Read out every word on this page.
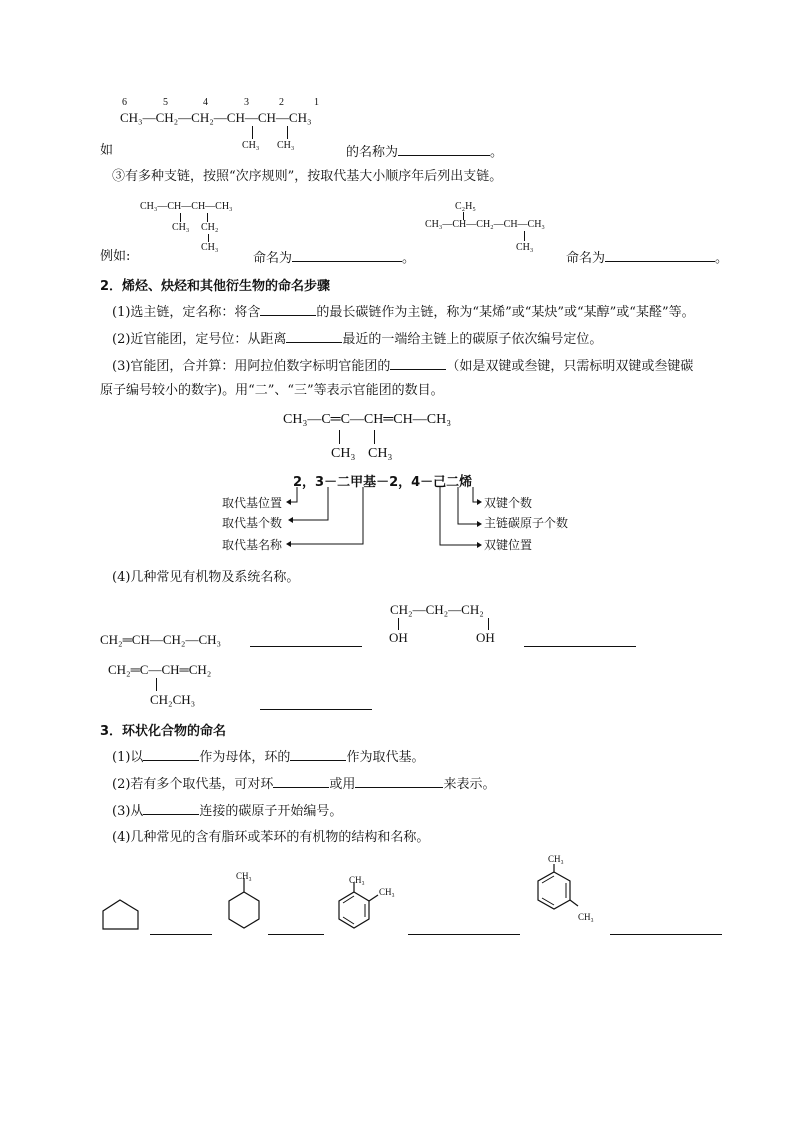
6	5	4	3	2	1
CH₃—CH₂—CH₂—CH—CH—CH₃
CH₃ CH₃
如	的名称为	。
③有多种支链，按照“次序规则”，按取代基大小顺序年后列出支链。
CH₃—CH—CH—CH₃
CH₃ CH₂
CH₃
C₂H₅
CH₃—CH—CH₂—CH—CH₃
CH₃
例如:	命名为	。	命名为	。
2．烯烃、炔烃和其他衍生物的命名步骤
(1)选主链，定名称：将含	的最长碳链作为主链，称为“某烯”或“某炔”或“某醇”或“某醛”等。
(2)近官能团，定号位：从距离	最近的一端给主链上的碳原子依次编号定位。
(3)官能团，合并算：用阿拉伯数字标明官能团的	（如是双键或叁键，只需标明双键或叁键碳
原子编号较小的数字)。用“二”、“三”等表示官能团的数目。
CH₃—C═C—CH═CH—CH₃
CH₃ CH₃
2，3－二甲基－2，4－己二烯
取代基位置
取代基个数
取代基名称
双键个数
主链碳原子个数
双键位置
(4)几种常见有机物及系统名称。
CH₂═CH—CH₂—CH₃
CH₂—CH₂—CH₂
OH	OH
CH₂═C—CH═CH₂
CH₂CH₃
3．环状化合物的命名
(1)以	作为母体，环的	作为取代基。
(2)若有多个取代基，可对环	或用	来表示。
(3)从	连接的碳原子开始编号。
(4)几种常见的含有脂环或苯环的有机物的结构和名称。
CH₃	CH₃
CH₃
CH₃
CH₃
